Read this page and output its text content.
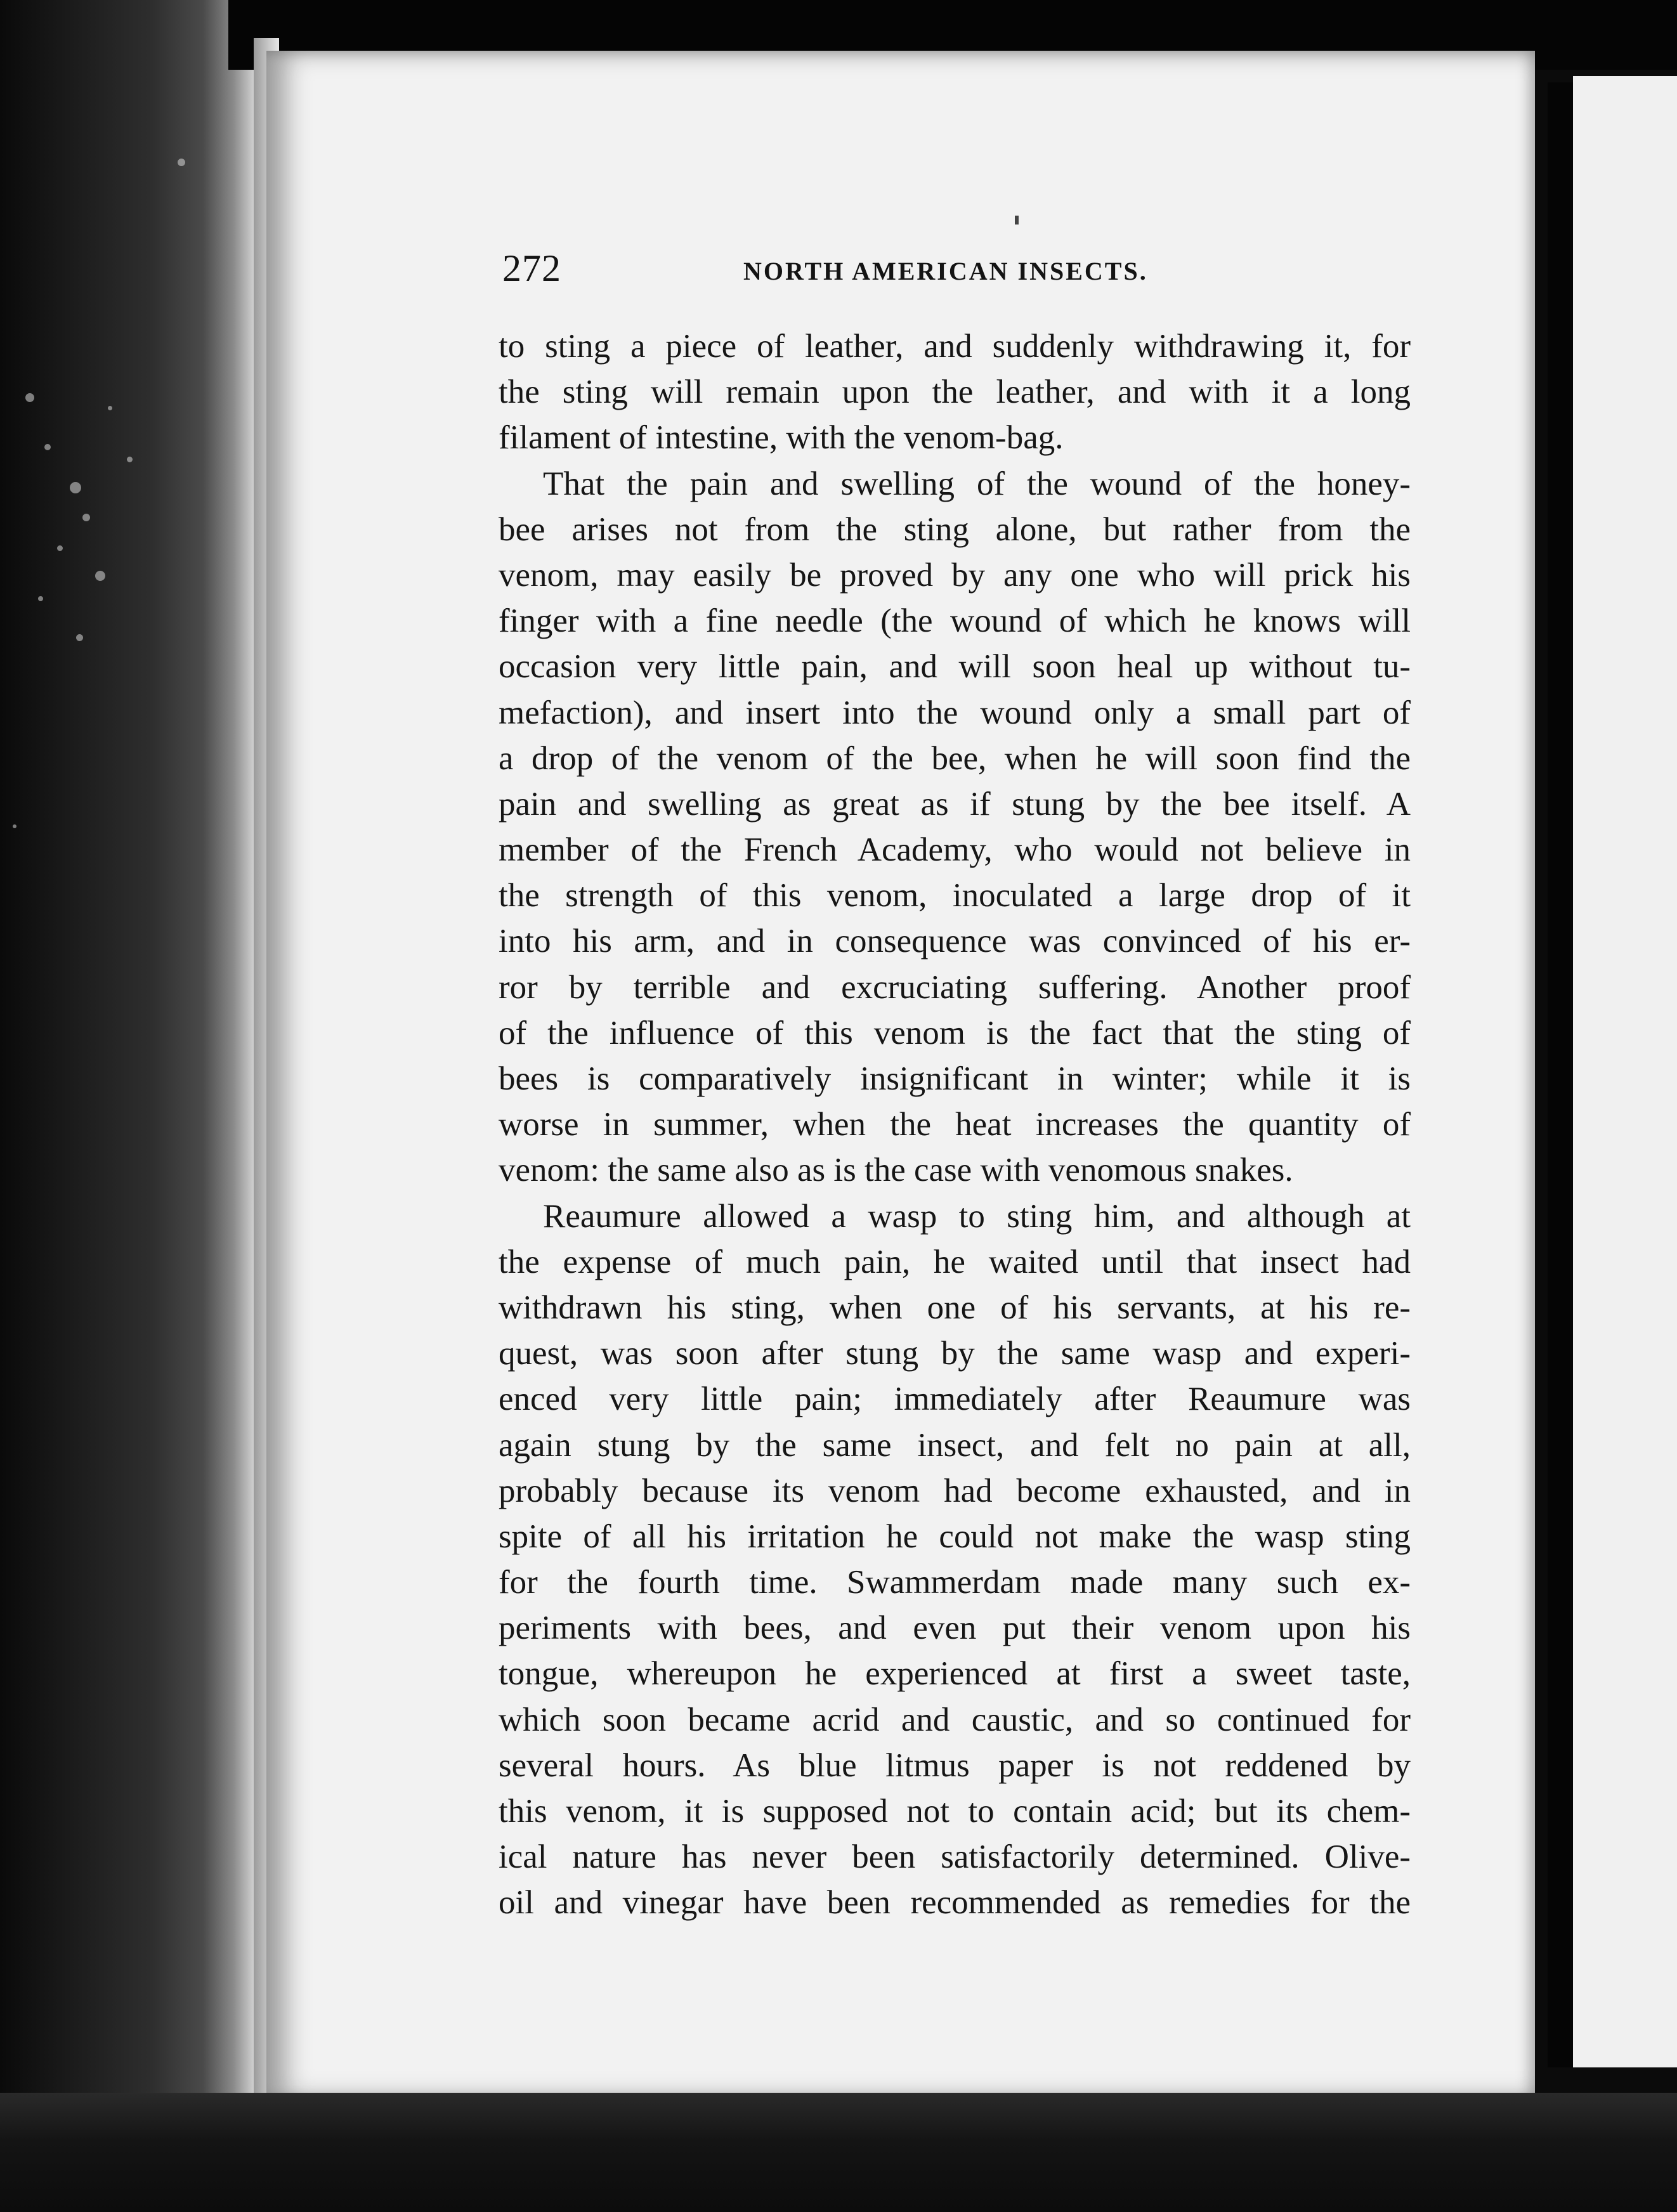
272	NORTH AMERICAN INSECTS.
to sting a piece of leather, and suddenly withdrawing it, for
the sting will remain upon the leather, and with it a long
filament of intestine, with the venom-bag.
That the pain and swelling of the wound of the honey-
bee arises not from the sting alone, but rather from the
venom, may easily be proved by any one who will prick his
finger with a fine needle (the wound of which he knows will
occasion very little pain, and will soon heal up without tu-
mefaction), and insert into the wound only a small part of
a drop of the venom of the bee, when he will soon find the
pain and swelling as great as if stung by the bee itself. A
member of the French Academy, who would not believe in
the strength of this venom, inoculated a large drop of it
into his arm, and in consequence was convinced of his er-
ror by terrible and excruciating suffering. Another proof
of the influence of this venom is the fact that the sting of
bees is comparatively insignificant in winter; while it is
worse in summer, when the heat increases the quantity of
venom: the same also as is the case with venomous snakes.
Reaumure allowed a wasp to sting him, and although at
the expense of much pain, he waited until that insect had
withdrawn his sting, when one of his servants, at his re-
quest, was soon after stung by the same wasp and experi-
enced very little pain; immediately after Reaumure was
again stung by the same insect, and felt no pain at all,
probably because its venom had become exhausted, and in
spite of all his irritation he could not make the wasp sting
for the fourth time. Swammerdam made many such ex-
periments with bees, and even put their venom upon his
tongue, whereupon he experienced at first a sweet taste,
which soon became acrid and caustic, and so continued for
several hours. As blue litmus paper is not reddened by
this venom, it is supposed not to contain acid; but its chem-
ical nature has never been satisfactorily determined. Olive-
oil and vinegar have been recommended as remedies for the
